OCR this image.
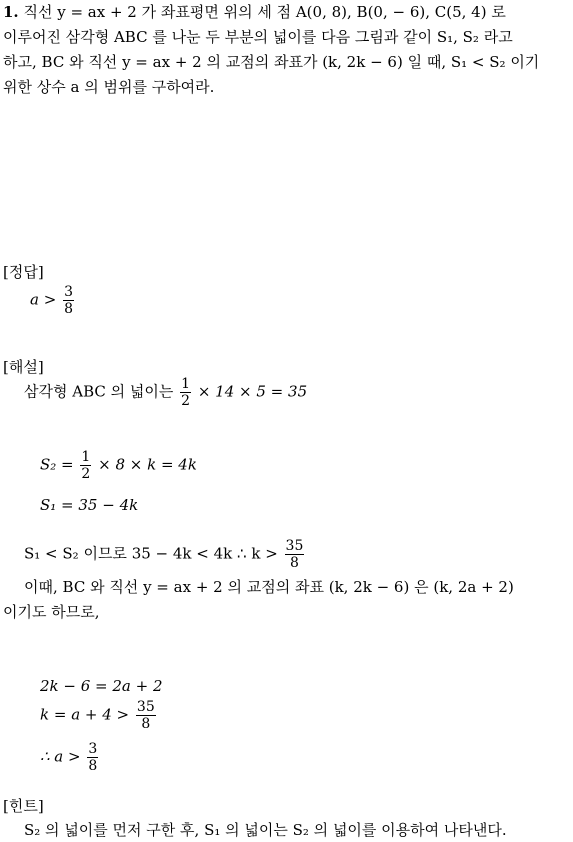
1. 직선 y = ax + 2 가 좌표평면 위의 세 점 A(0, 8), B(0, − 6), C(5, 4) 로
이루어진 삼각형 ABC 를 나눈 두 부분의 넓이를 다음 그림과 같이 S₁, S₂ 라고
하고, BC 와 직선 y = ax + 2 의 교점의 좌표가 (k, 2k − 6) 일 때, S₁ < S₂ 이기
위한 상수 a 의 범위를 구하여라.
[정답]
$a > \frac{3}{8}$
[해설]
삼각형 ABC 의 넓이는 $\frac{1}{2} \times 14 \times 5 = 35$
$S_2 = \frac{1}{2} \times 8 \times k = 4k$
S₁ = 35 − 4k
S₁ < S₂ 이므로 35 − 4k < 4k ∴ $k > \frac{35}{8}$
이때, BC 와 직선 y = ax + 2 의 교점의 좌표 (k, 2k − 6) 은 (k, 2a + 2)
이기도 하므로,
2k − 6 = 2a + 2
$k = a + 4 > \frac{35}{8}$
∴ $a > \frac{3}{8}$
[힌트]
S₂ 의 넓이를 먼저 구한 후, S₁ 의 넓이는 S₂ 의 넓이를 이용하여 나타낸다.
